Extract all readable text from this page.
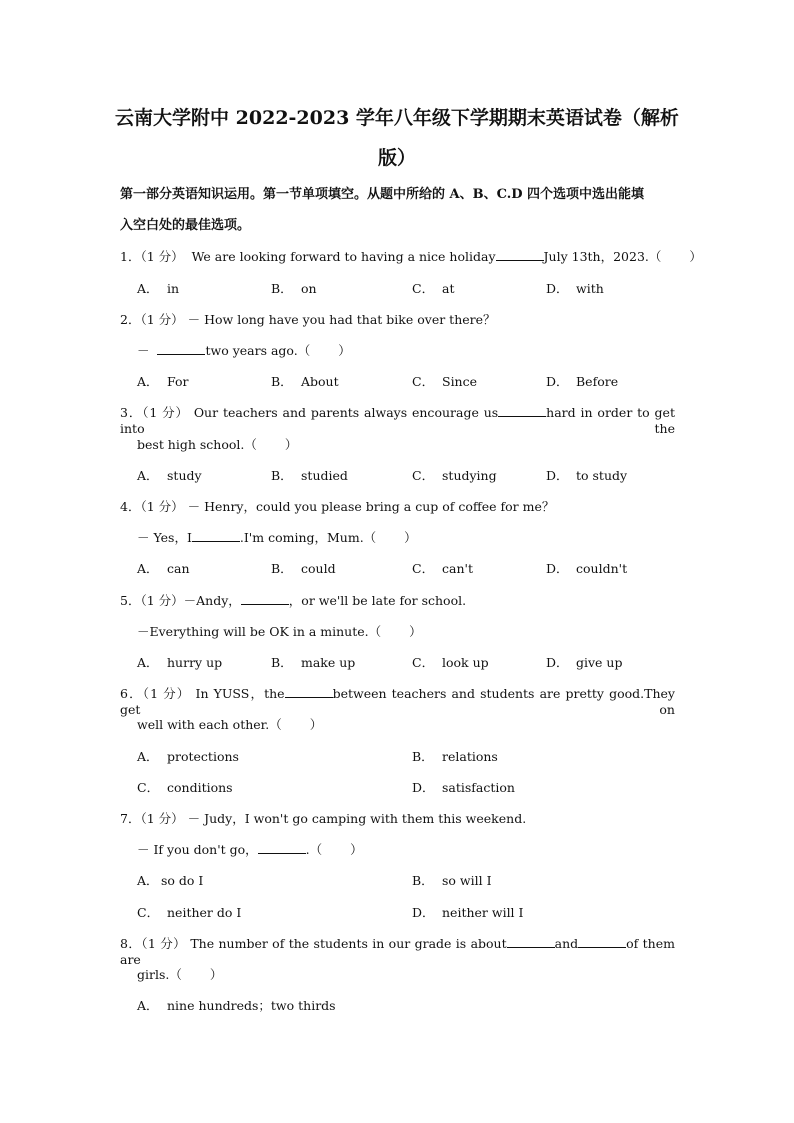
云南大学附中 2022-2023 学年八年级下学期期末英语试卷（解析
版）
第一部分英语知识运用。第一节单项填空。从题中所给的 A、B、C.D 四个选项中选出能填
入空白处的最佳选项。
1．（1 分） We are looking forward to having a nice holiday	July 13th，2023.（ ）
A． in	B． on	C． at	D． with
2．（1 分） － How long have you had that bike over there？
－	two years ago.（ ）
A． For	B． About	C． Since	D． Before
3．（1 分） Our teachers and parents always encourage us	hard in order to get into the
best high school.（ ）
A． study	B． studied	C． studying	D． to study
4．（1 分） － Henry，could you please bring a cup of coffee for me？
－ Yes，I	.I'm coming，Mum.（ ）
A． can	B． could	C． can't	D． couldn't
5．（1 分）－Andy，	，or we'll be late for school.
－Everything will be OK in a minute.（ ）
A． hurry up	B． make up	C． look up	D． give up
6．（1 分） In YUSS，the	between teachers and students are pretty good.They get on
well with each other.（ ）
A． protections	B． relations
C． conditions	D． satisfaction
7．（1 分） － Judy，I won't go camping with them this weekend.
－ If you don't go，	.（ ）
A． so do I	B． so will I
C． neither do I	D． neither will I
8．（1 分） The number of the students in our grade is about	and	of them are
girls.（ ）
A． nine hundreds；two thirds
